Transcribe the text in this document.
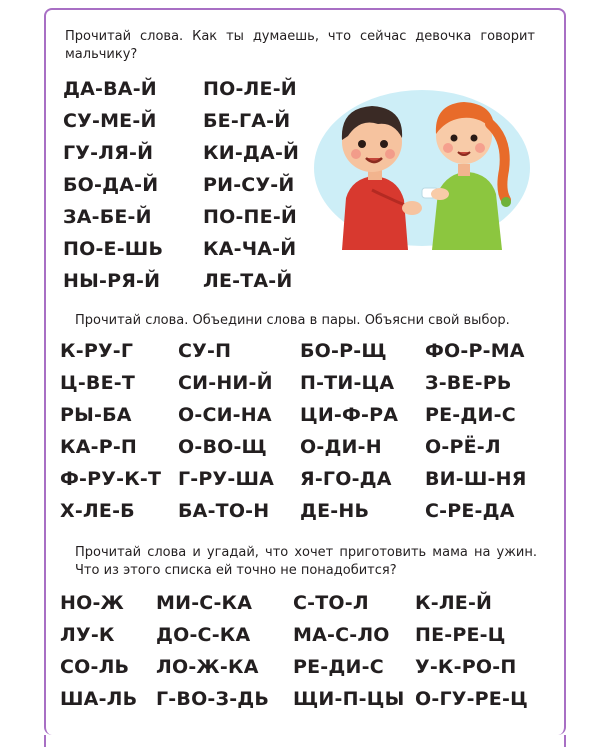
Прочитай слова. Как ты думаешь, что сейчас девочка говорит мальчику?
ДА-ВА-Й
СУ-МЕ-Й
ГУ-ЛЯ-Й
БО-ДА-Й
ЗА-БЕ-Й
ПО-Е-ШЬ
НЫ-РЯ-Й
ПО-ЛЕ-Й
БЕ-ГА-Й
КИ-ДА-Й
РИ-СУ-Й
ПО-ПЕ-Й
КА-ЧА-Й
ЛЕ-ТА-Й
Прочитай слова. Объедини слова в пары. Объясни свой выбор.
К-РУ-Г
Ц-ВЕ-Т
РЫ-БА
КА-Р-П
Ф-РУ-К-Т
Х-ЛЕ-Б
СУ-П
СИ-НИ-Й
О-СИ-НА
О-ВО-Щ
Г-РУ-ША
БА-ТО-Н
БО-Р-Щ
П-ТИ-ЦА
ЦИ-Ф-РА
О-ДИ-Н
Я-ГО-ДА
ДЕ-НЬ
ФО-Р-МА
З-ВЕ-РЬ
РЕ-ДИ-С
О-РЁ-Л
ВИ-Ш-НЯ
С-РЕ-ДА
Прочитай слова и угадай, что хочет приготовить мама на ужин. Что из этого списка ей точно не понадобится?
НО-Ж
ЛУ-К
СО-ЛЬ
ША-ЛЬ
МИ-С-КА
ДО-С-КА
ЛО-Ж-КА
Г-ВО-З-ДЬ
С-ТО-Л
МА-С-ЛО
РЕ-ДИ-С
ЩИ-П-ЦЫ
К-ЛЕ-Й
ПЕ-РЕ-Ц
У-К-РО-П
О-ГУ-РЕ-Ц
